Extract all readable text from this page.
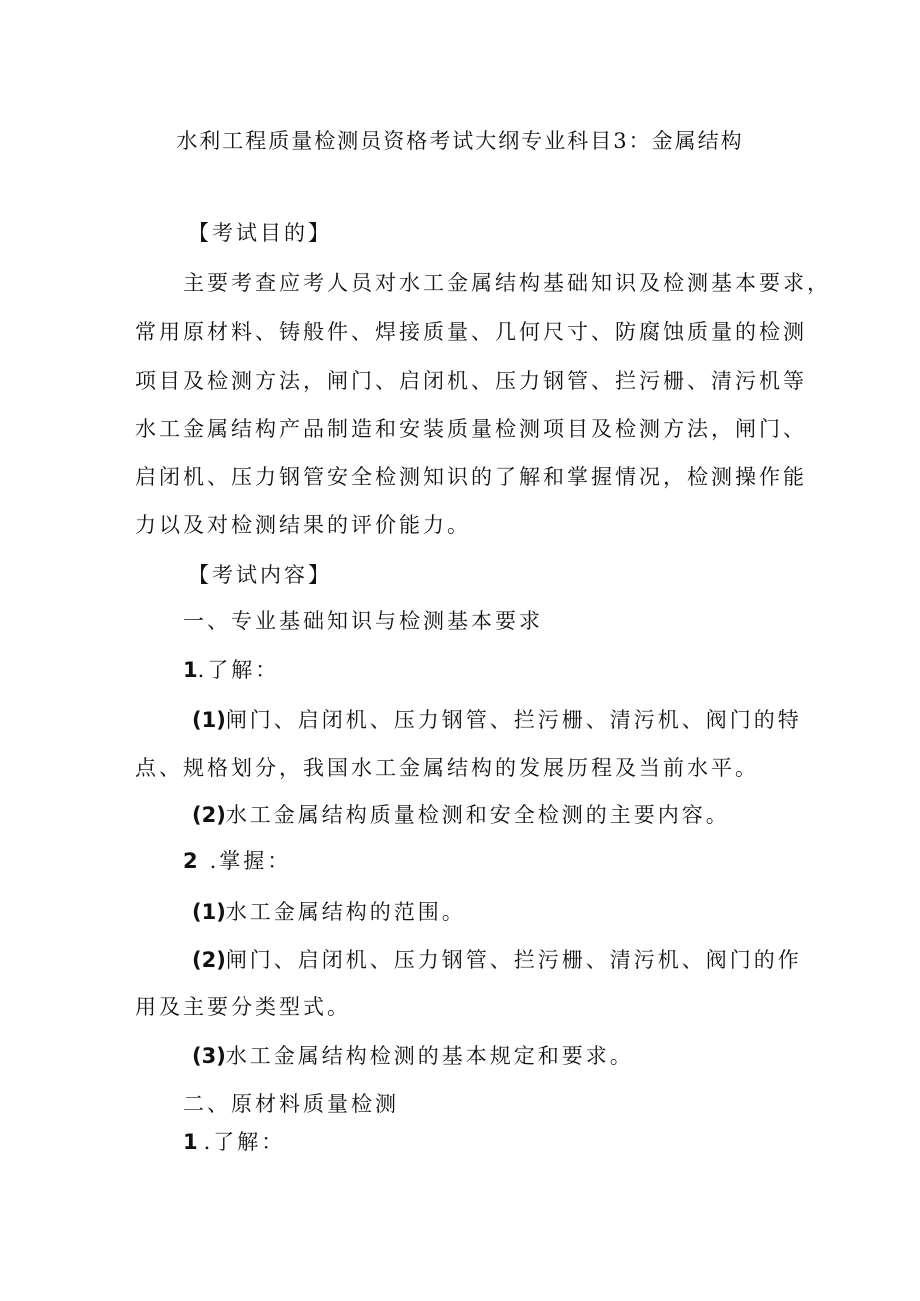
水利工程质量检测员资格考试大纲专业科目3：金属结构
【考试目的】
主要考查应考人员对水工金属结构基础知识及检测基本要求，
常用原材料、铸般件、焊接质量、几何尺寸、防腐蚀质量的检测
项目及检测方法，闸门、启闭机、压力钢管、拦污栅、清污机等
水工金属结构产品制造和安装质量检测项目及检测方法，闸门、
启闭机、压力钢管安全检测知识的了解和掌握情况，检测操作能
力以及对检测结果的评价能力。
【考试内容】
一、专业基础知识与检测基本要求
1.了解：
(1)闸门、启闭机、压力钢管、拦污栅、清污机、阀门的特
点、规格划分，我国水工金属结构的发展历程及当前水平。
(2)水工金属结构质量检测和安全检测的主要内容。
2 .掌握：
(1)水工金属结构的范围。
(2)闸门、启闭机、压力钢管、拦污栅、清污机、阀门的作
用及主要分类型式。
(3)水工金属结构检测的基本规定和要求。
二、原材料质量检测
1 .了解：
